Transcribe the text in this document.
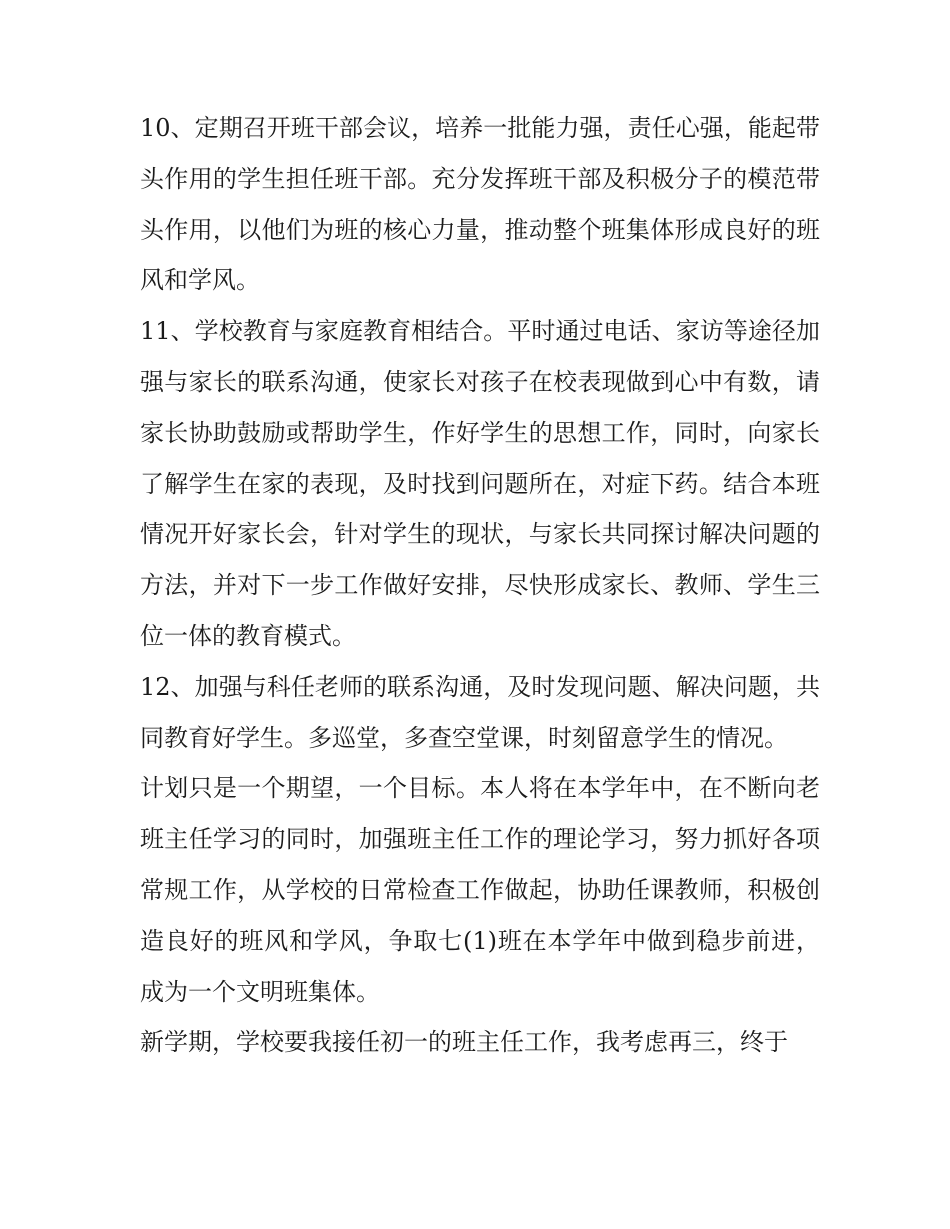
10、定期召开班干部会议，培养一批能力强，责任心强，能起带头作用的学生担任班干部。充分发挥班干部及积极分子的模范带头作用，以他们为班的核心力量，推动整个班集体形成良好的班风和学风。

11、学校教育与家庭教育相结合。平时通过电话、家访等途径加强与家长的联系沟通，使家长对孩子在校表现做到心中有数，请家长协助鼓励或帮助学生，作好学生的思想工作，同时，向家长了解学生在家的表现，及时找到问题所在，对症下药。结合本班情况开好家长会，针对学生的现状，与家长共同探讨解决问题的方法，并对下一步工作做好安排，尽快形成家长、教师、学生三位一体的教育模式。

12、加强与科任老师的联系沟通，及时发现问题、解决问题，共同教育好学生。多巡堂，多查空堂课，时刻留意学生的情况。

计划只是一个期望，一个目标。本人将在本学年中，在不断向老班主任学习的同时，加强班主任工作的理论学习，努力抓好各项常规工作，从学校的日常检查工作做起，协助任课教师，积极创造良好的班风和学风，争取七(1)班在本学年中做到稳步前进，成为一个文明班集体。

新学期，学校要我接任初一的班主任工作，我考虑再三，终于
